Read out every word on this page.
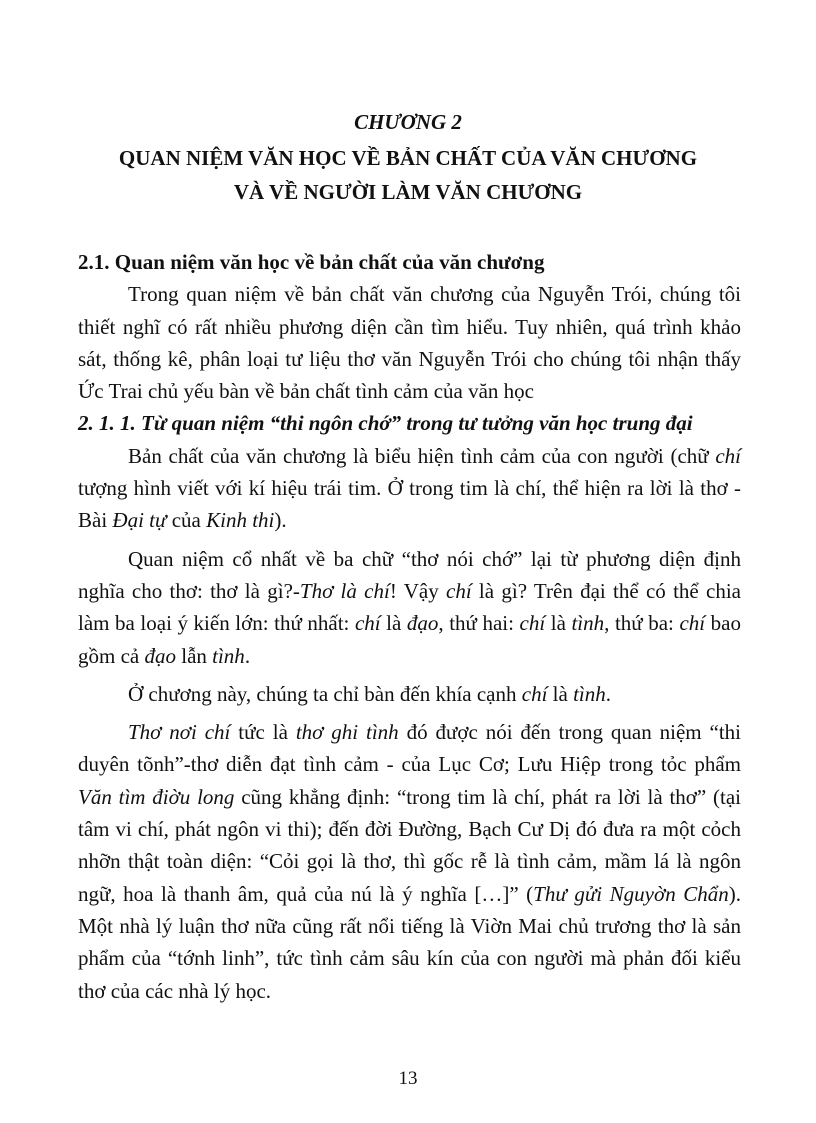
CHƯƠNG 2
QUAN NIỆM VĂN HỌC VỀ BẢN CHẤT CỦA VĂN CHƯƠNG
VÀ VỀ NGƯỜI LÀM VĂN CHƯƠNG

2.1. Quan niệm văn học về bản chất của văn chương

Trong quan niệm về bản chất văn chương của Nguyễn Trói, chúng tôi thiết nghĩ có rất nhiều phương diện cần tìm hiểu. Tuy nhiên, quá trình khảo sát, thống kê, phân loại tư liệu thơ văn Nguyễn Trói cho chúng tôi nhận thấy Ức Trai chủ yếu bàn về bản chất tình cảm của văn học

2. 1. 1. Từ quan niệm “thi ngôn chớ” trong tư tưởng văn học trung đại

Bản chất của văn chương là biểu hiện tình cảm của con người (chữ chí tượng hình viết với kí hiệu trái tim. Ở trong tim là chí, thể hiện ra lời là thơ - Bài Đại tự của Kinh thi).

Quan niệm cổ nhất về ba chữ “thơ nói chớ” lại từ phương diện định nghĩa cho thơ: thơ là gì?-Thơ là chí! Vậy chí là gì? Trên đại thể có thể chia làm ba loại ý kiến lớn: thứ nhất: chí là đạo, thứ hai: chí là tình, thứ ba: chí bao gồm cả đạo lẫn tình.

Ở chương này, chúng ta chỉ bàn đến khía cạnh chí là tình.

Thơ nơi chí tức là thơ ghi tình đó được nói đến trong quan niệm “thi duyên tõnh”-thơ diễn đạt tình cảm - của Lục Cơ; Lưu Hiệp trong tỏc phẩm Văn tìm điờu long cũng khẳng định: “trong tim là chí, phát ra lời là thơ” (tại tâm vi chí, phát ngôn vi thi); đến đời Đường, Bạch Cư Dị đó đưa ra một cỏch nhỡn thật toàn diện: “Cỏi gọi là thơ, thì gốc rễ là tình cảm, mầm lá là ngôn ngữ, hoa là thanh âm, quả của nú là ý nghĩa […]” (Thư gửi Nguyờn Chẩn). Một nhà lý luận thơ nữa cũng rất nổi tiếng là Viờn Mai chủ trương thơ là sản phẩm của “tớnh linh”, tức tình cảm sâu kín của con người mà phản đối kiểu thơ của các nhà lý học.

13
